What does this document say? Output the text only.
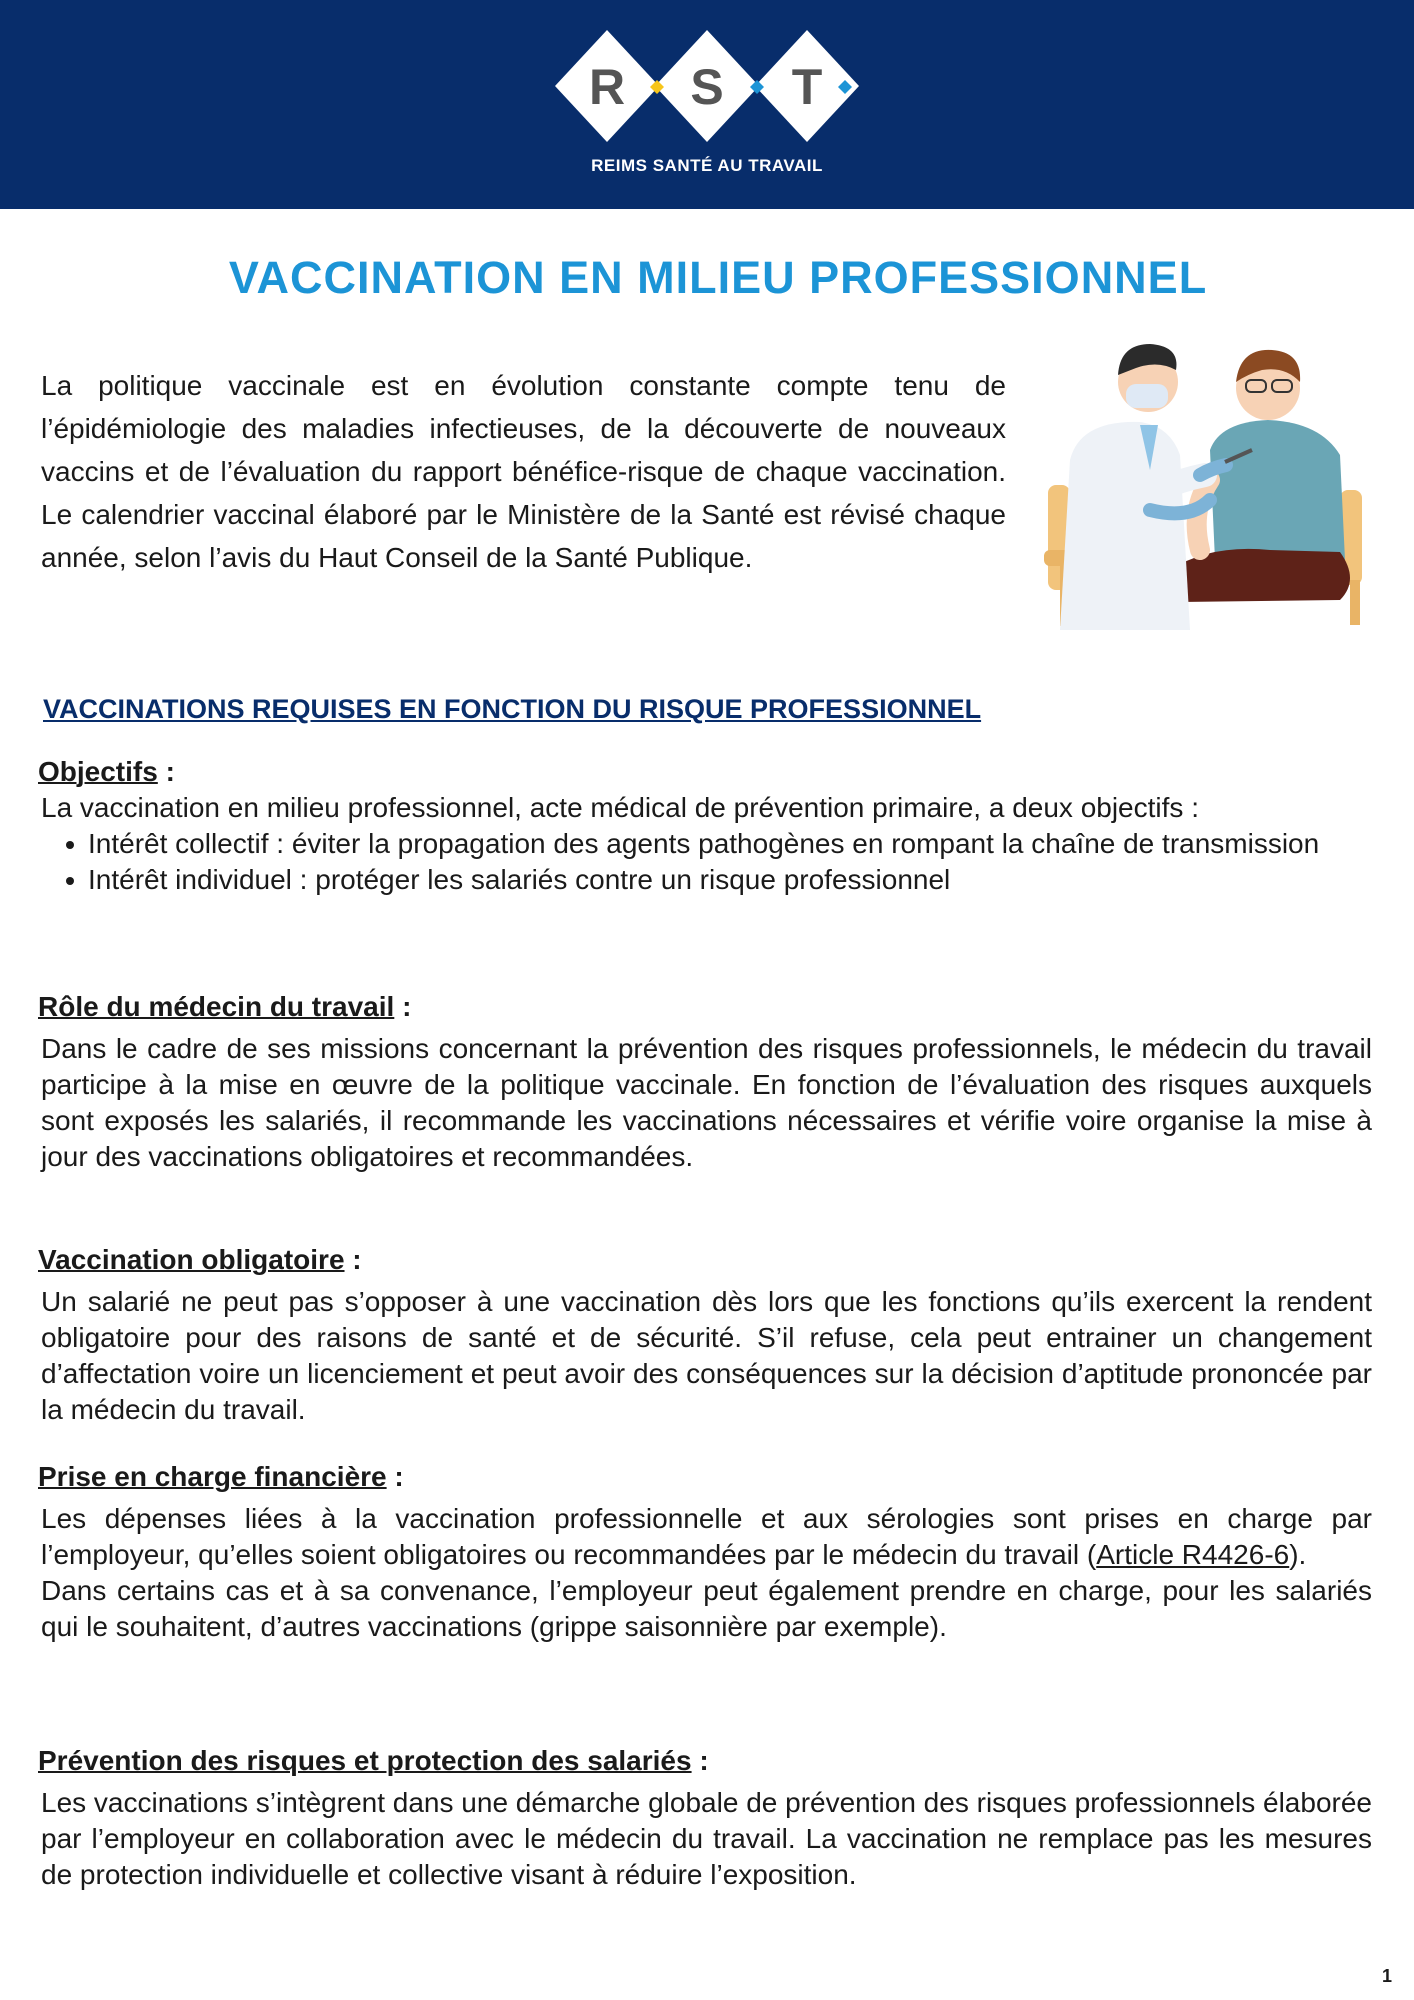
R S T
REIMS SANTÉ AU TRAVAIL
VACCINATION EN MILIEU PROFESSIONNEL

La politique vaccinale est en évolution constante compte tenu de l’épidémiologie des maladies infectieuses, de la découverte de nouveaux vaccins et de l’évaluation du rapport bénéfice-risque de chaque vaccination. Le calendrier vaccinal élaboré par le Ministère de la Santé est révisé chaque année, selon l’avis du Haut Conseil de la Santé Publique.

VACCINATIONS REQUISES EN FONCTION DU RISQUE PROFESSIONNEL

Objectifs :

La vaccination en milieu professionnel, acte médical de prévention primaire, a deux objectifs :

Intérêt collectif : éviter la propagation des agents pathogènes en rompant la chaîne de transmission
Intérêt individuel : protéger les salariés contre un risque professionnel

Rôle du médecin du travail :

Dans le cadre de ses missions concernant la prévention des risques professionnels, le médecin du travail participe à la mise en œuvre de la politique vaccinale. En fonction de l’évaluation des risques auxquels sont exposés les salariés, il recommande les vaccinations nécessaires et vérifie voire organise la mise à jour des vaccinations obligatoires et recommandées.

Vaccination obligatoire :

Un salarié ne peut pas s’opposer à une vaccination dès lors que les fonctions qu’ils exercent la rendent obligatoire pour des raisons de santé et de sécurité. S’il refuse, cela peut entrainer un changement d’affectation voire un licenciement et peut avoir des conséquences sur la décision d’aptitude prononcée par la médecin du travail.

Prise en charge financière :

Les dépenses liées à la vaccination professionnelle et aux sérologies sont prises en charge par l’employeur, qu’elles soient obligatoires ou recommandées par le médecin du travail (Article R4426-6).

Dans certains cas et à sa convenance, l’employeur peut également prendre en charge, pour les salariés qui le souhaitent, d’autres vaccinations (grippe saisonnière par exemple).

Prévention des risques et protection des salariés :

Les vaccinations s’intègrent dans une démarche globale de prévention des risques professionnels élaborée par l’employeur en collaboration avec le médecin du travail. La vaccination ne remplace pas les mesures de protection individuelle et collective visant à réduire l’exposition.

1
